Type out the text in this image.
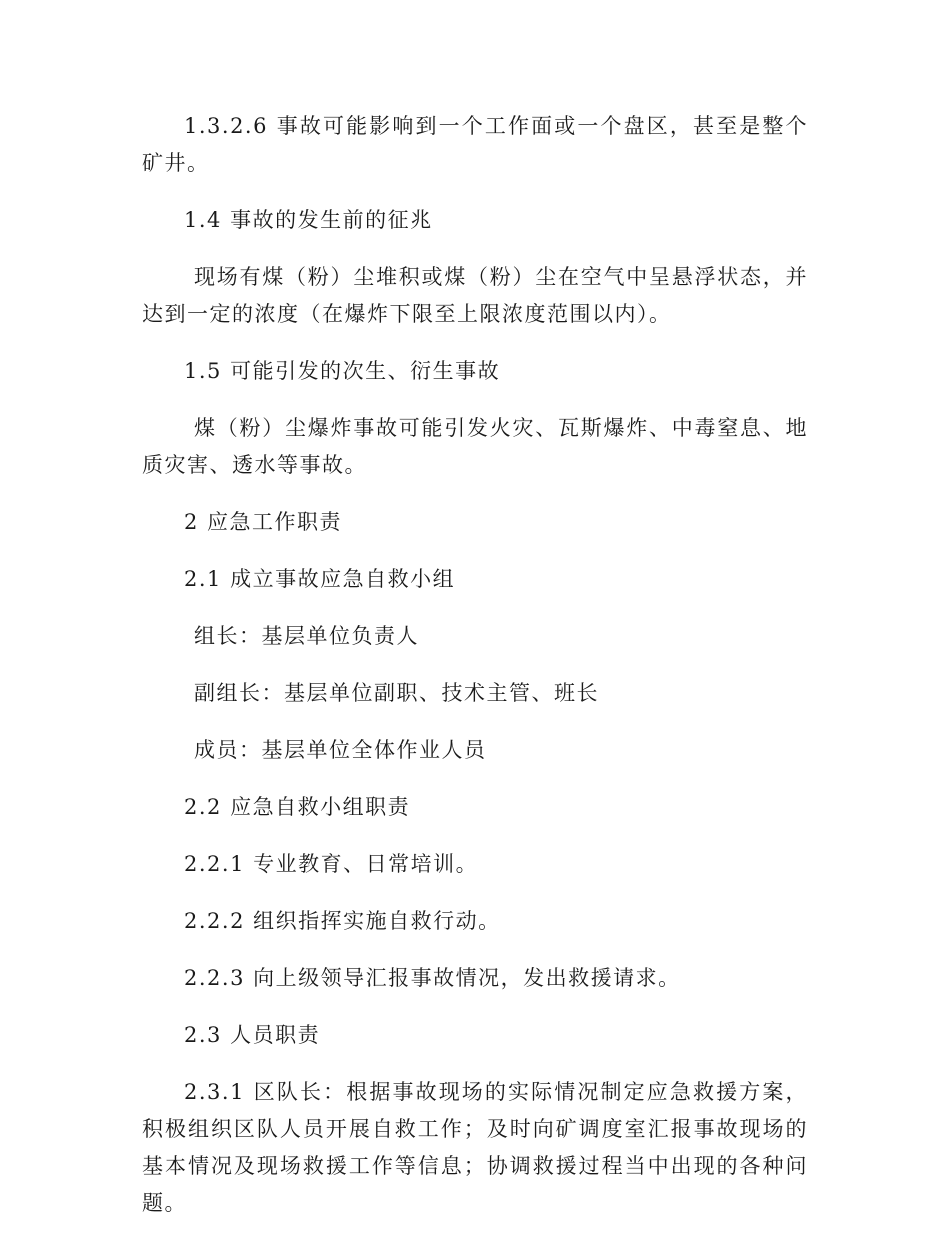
1.3.2.6 事故可能影响到一个工作面或一个盘区，甚至是整个矿井。

1.4 事故的发生前的征兆

现场有煤（粉）尘堆积或煤（粉）尘在空气中呈悬浮状态，并达到一定的浓度（在爆炸下限至上限浓度范围以内）。

1.5 可能引发的次生、衍生事故

煤（粉）尘爆炸事故可能引发火灾、瓦斯爆炸、中毒窒息、地质灾害、透水等事故。

2 应急工作职责

2.1 成立事故应急自救小组

组长：基层单位负责人

副组长：基层单位副职、技术主管、班长

成员：基层单位全体作业人员

2.2 应急自救小组职责

2.2.1 专业教育、日常培训。

2.2.2 组织指挥实施自救行动。

2.2.3 向上级领导汇报事故情况，发出救援请求。

2.3 人员职责

2.3.1 区队长：根据事故现场的实际情况制定应急救援方案，积极组织区队人员开展自救工作；及时向矿调度室汇报事故现场的基本情况及现场救援工作等信息；协调救援过程当中出现的各种问题。
